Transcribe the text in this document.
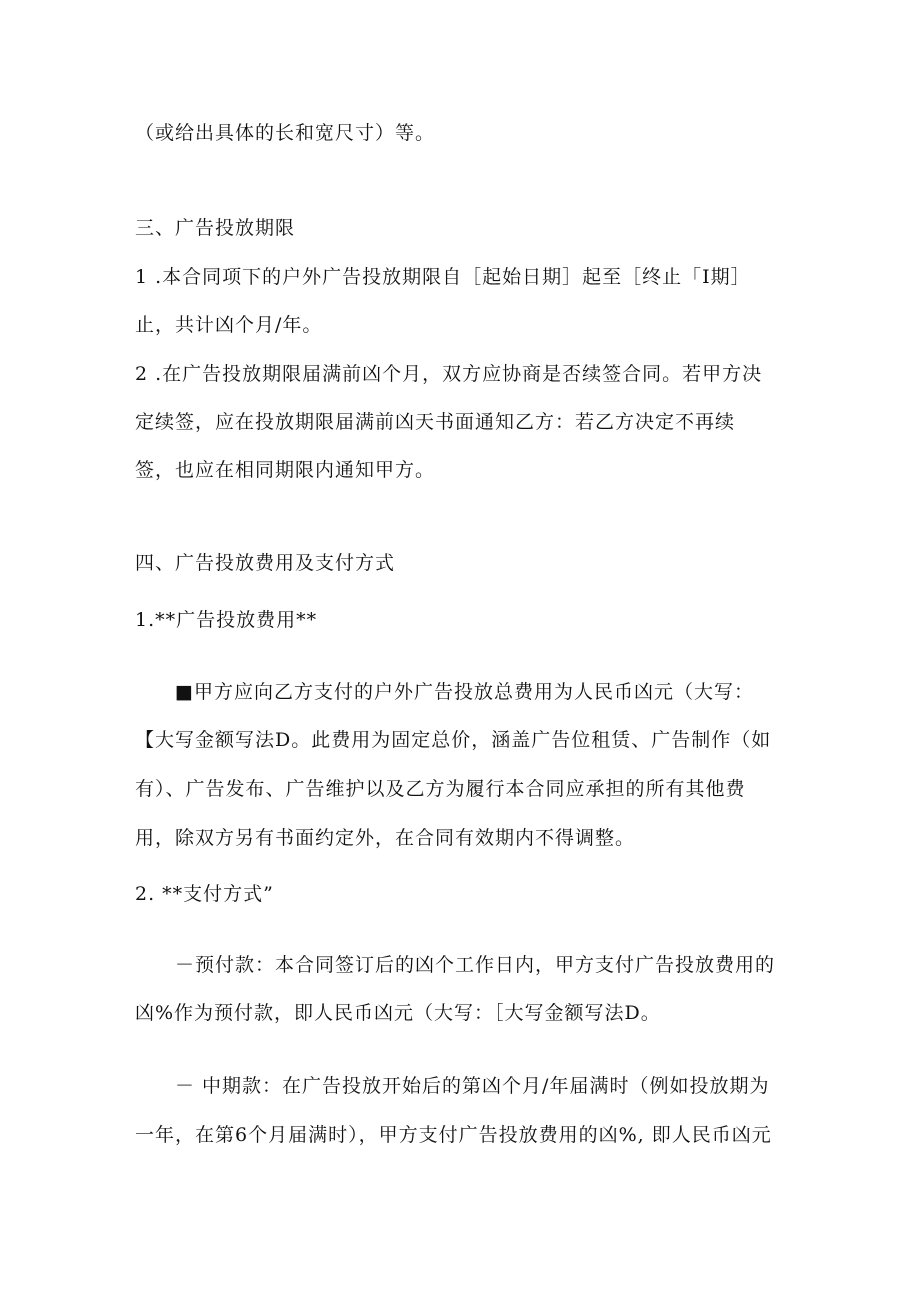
（或给出具体的长和宽尺寸）等。
三、广告投放期限
1 .本合同项下的户外广告投放期限自［起始日期］起至［终止「I期］
止，共计凶个月/年。
2 .在广告投放期限届满前凶个月，双方应协商是否续签合同。若甲方决
定续签，应在投放期限届满前凶天书面通知乙方：若乙方决定不再续
签，也应在相同期限内通知甲方。
四、广告投放费用及支付方式
1.**广告投放费用**
■甲方应向乙方支付的户外广告投放总费用为人民币凶元（大写：
【大写金额写法D。此费用为固定总价，涵盖广告位租赁、广告制作（如
有）、广告发布、广告维护以及乙方为履行本合同应承担的所有其他费
用，除双方另有书面约定外，在合同有效期内不得调整。
2. **支付方式”
－预付款：本合同签订后的凶个工作日内，甲方支付广告投放费用的
凶%作为预付款，即人民币凶元（大写：［大写金额写法D。
－ 中期款：在广告投放开始后的第凶个月/年届满时（例如投放期为
一年，在第6个月届满时），甲方支付广告投放费用的凶%, 即人民币凶元
